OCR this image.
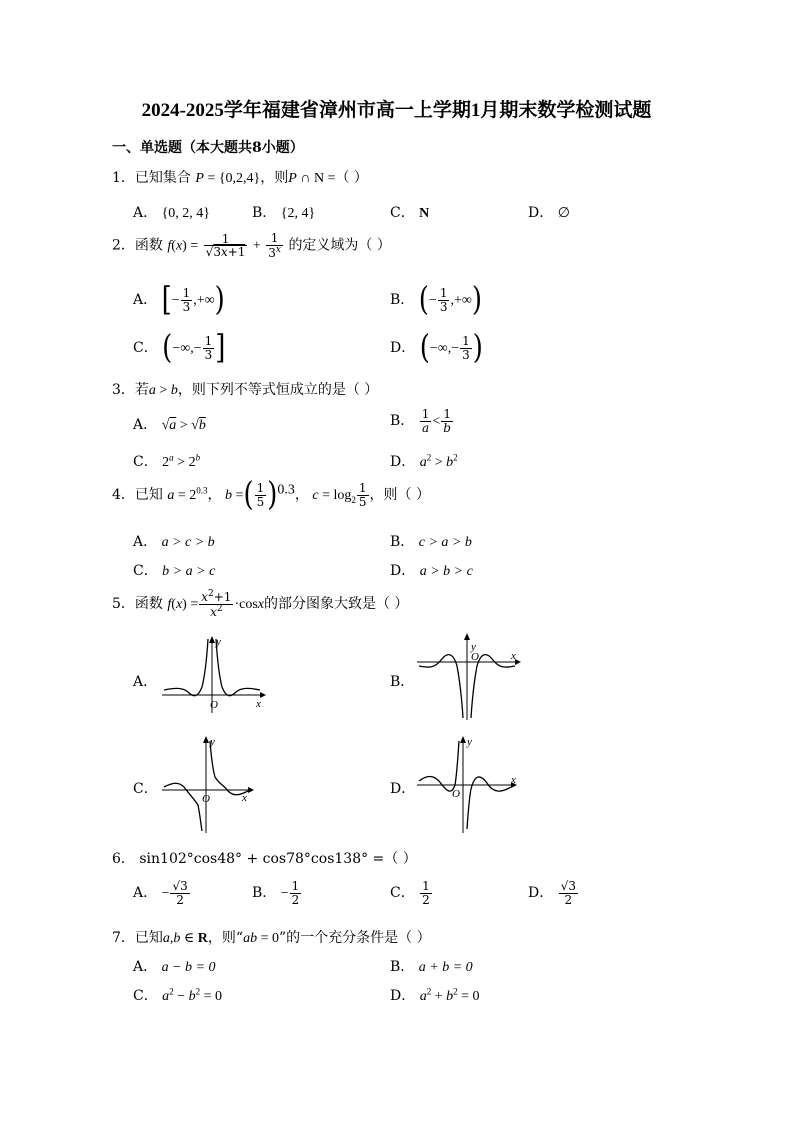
2024-2025学年福建省漳州市高一上学期1月期末数学检测试题
一、单选题（本大题共8小题）
1．已知集合 P = {0,2,4}，则P ∩ N =（ ）
A． {0, 2, 4}	B． {2, 4}	C． N	D． ∅
2．函数 $f(x) = \frac{1}{√3x+1} + \frac{1}{3^x}$ 的定义域为（ ）
A． [− $\frac{1}{3}$ ,+∞)	B． (− $\frac{1}{3}$ ,+∞)
C． (−∞,− $\frac{1}{3}$ ]	D． (−∞,− $\frac{1}{3}$ )
3．若a > b，则下列不等式恒成立的是（ ）
A． √a > √b	B． $\frac{1}{a} < \frac{1}{b}$
C． $2^a > 2^b$	D． $a^2 > b^2$
4．已知 $a = 2^{0.3}$， b =( $\frac{1}{5} )^{0.3}$， $c = \log_2 \frac{1}{5}$ ，则（ ）
A． a > c > b	B． c > a > b
C． b > a > c	D． a > b > c
5．函数 $f(x) = \frac{x^2+1}{x^2} \cdot\cos x$的部分图象大致是（ ）
A．
y
x
O
B．
y
x
O
C．
y
x
O
D．
y
x
O
6． sin102°cos48° + cos78°cos138° =（ ）
A． − $\frac{√3}{2}$	B． − $\frac{1}{2}$	C． $\frac{1}{2}$	D． $\frac{√3}{2}$
7．已知a,b ∈ R，则“ab = 0”的一个充分条件是（ ）
A． a − b = 0	B． a + b = 0
C． $a^2 - b^2 = 0$	D． $a^2 + b^2 = 0$
